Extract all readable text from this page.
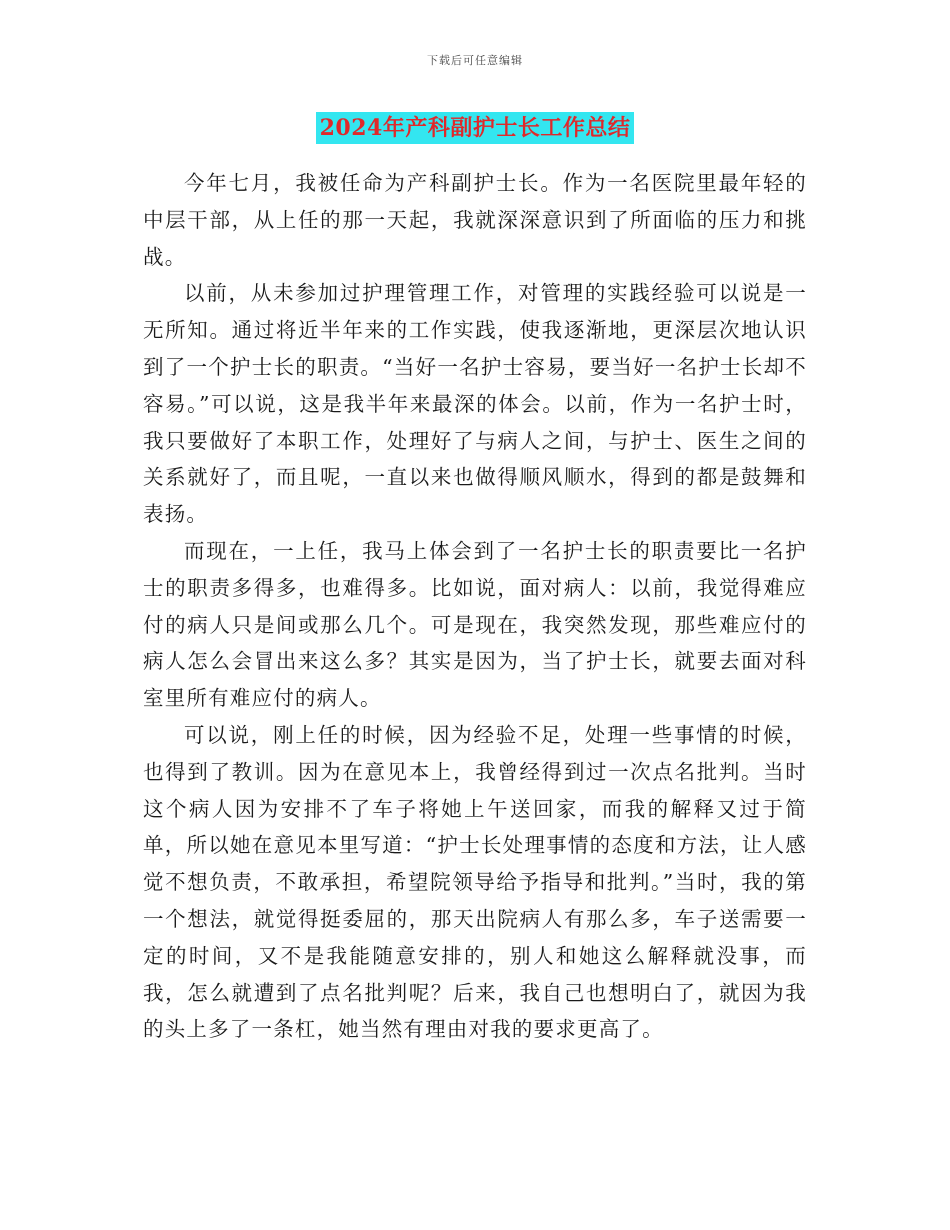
下载后可任意编辑
2024年产科副护士长工作总结

今年七月，我被任命为产科副护士长。作为一名医院里最年轻的中层干部，从上任的那一天起，我就深深意识到了所面临的压力和挑战。

以前，从未参加过护理管理工作，对管理的实践经验可以说是一无所知。通过将近半年来的工作实践，使我逐渐地，更深层次地认识到了一个护士长的职责。“当好一名护士容易，要当好一名护士长却不容易。”可以说，这是我半年来最深的体会。以前，作为一名护士时，我只要做好了本职工作，处理好了与病人之间，与护士、医生之间的关系就好了，而且呢，一直以来也做得顺风顺水，得到的都是鼓舞和表扬。

而现在，一上任，我马上体会到了一名护士长的职责要比一名护士的职责多得多，也难得多。比如说，面对病人：以前，我觉得难应付的病人只是间或那么几个。可是现在，我突然发现，那些难应付的病人怎么会冒出来这么多？其实是因为，当了护士长，就要去面对科室里所有难应付的病人。

可以说，刚上任的时候，因为经验不足，处理一些事情的时候，也得到了教训。因为在意见本上，我曾经得到过一次点名批判。当时这个病人因为安排不了车子将她上午送回家，而我的解释又过于简单，所以她在意见本里写道：“护士长处理事情的态度和方法，让人感觉不想负责，不敢承担，希望院领导给予指导和批判。”当时，我的第一个想法，就觉得挺委屈的，那天出院病人有那么多，车子送需要一定的时间，又不是我能随意安排的，别人和她这么解释就没事，而我，怎么就遭到了点名批判呢？后来，我自己也想明白了，就因为我的头上多了一条杠，她当然有理由对我的要求更高了。
